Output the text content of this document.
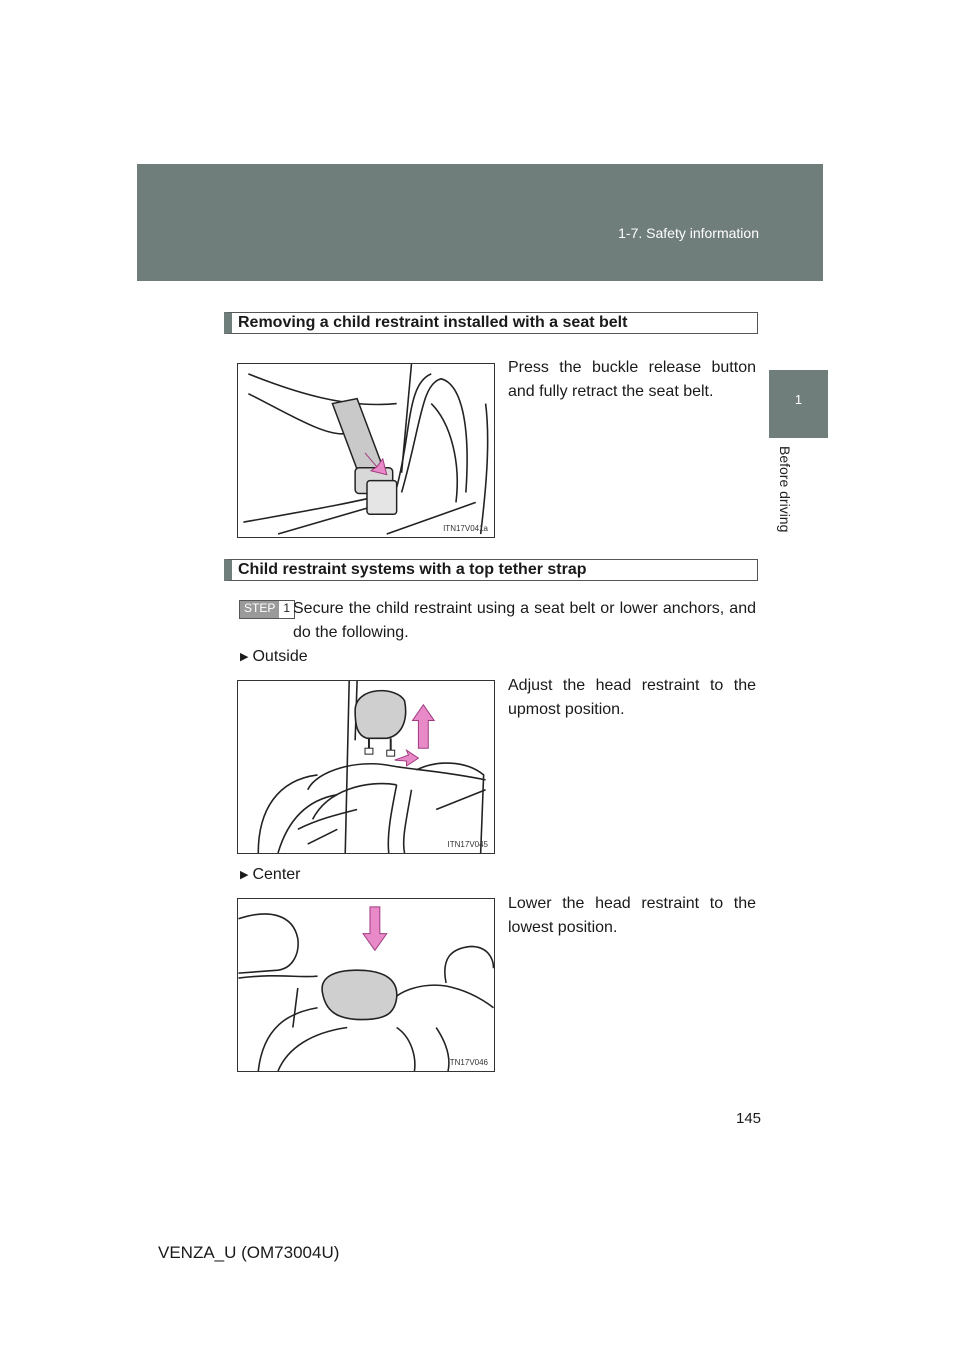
1-7. Safety information
1
Before driving
Removing a child restraint installed with a seat belt
ITN17V041a
Press the buckle release button and fully retract the seat belt.
Child restraint systems with a top tether strap
STEP 1 Secure the child restraint using a seat belt or lower anchors, and do the following.
▶ Outside
ITN17V045
Adjust the head restraint to the upmost position.
▶ Center
ITN17V046
Lower the head restraint to the lowest position.
145
VENZA_U (OM73004U)
